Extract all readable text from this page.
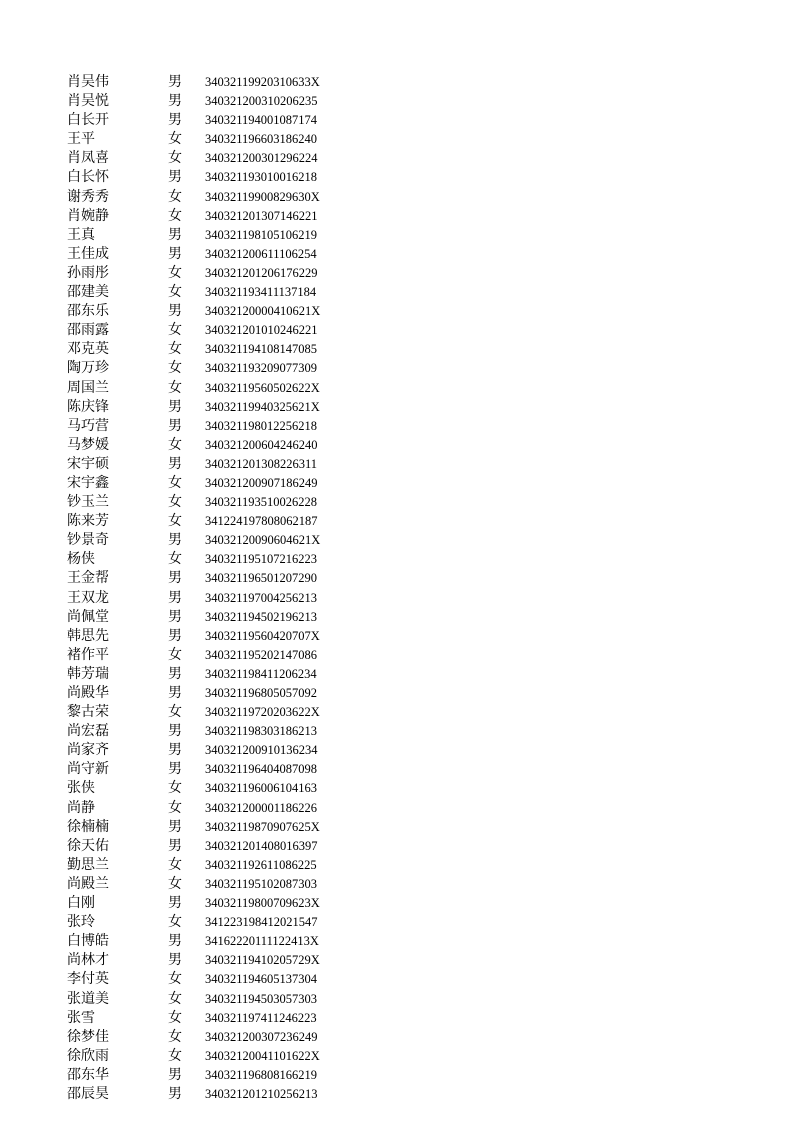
肖吴伟	男 34032119920310633X
肖吴悦	男 340321200310206235
白长开	男 340321194001087174
王平	女 340321196603186240
肖凤喜	女 340321200301296224
白长怀	男 340321193010016218
谢秀秀	女 34032119900829630X
肖婉静	女 340321201307146221
王真	男 340321198105106219
王佳成	男 340321200611106254
孙雨彤	女 340321201206176229
邵建美	女 340321193411137184
邵东乐	男 34032120000410621X
邵雨露	女 340321201010246221
邓克英	女 340321194108147085
陶万珍	女 340321193209077309
周国兰	女 34032119560502622X
陈庆锋	男 34032119940325621X
马巧营	男 340321198012256218
马梦媛	女 340321200604246240
宋宇硕	男 340321201308226311
宋宇鑫	女 340321200907186249
钞玉兰	女 340321193510026228
陈来芳	女 341224197808062187
钞景奇	男 34032120090604621X
杨侠	女 340321195107216223
王金帮	男 340321196501207290
王双龙	男 340321197004256213
尚佩堂	男 340321194502196213
韩思先	男 34032119560420707X
褚作平	女 340321195202147086
韩芳瑞	男 340321198411206234
尚殿华	男 340321196805057092
黎古荣	女 34032119720203622X
尚宏磊	男 340321198303186213
尚家齐	男 340321200910136234
尚守新	男 340321196404087098
张侠	女 340321196006104163
尚静	女 340321200001186226
徐楠楠	男 34032119870907625X
徐天佑	男 340321201408016397
勤思兰	女 340321192611086225
尚殿兰	女 340321195102087303
白刚	男 34032119800709623X
张玲	女 341223198412021547
白博皓	男 34162220111122413X
尚林才	男 34032119410205729X
李付英	女 340321194605137304
张道美	女 340321194503057303
张雪	女 340321197411246223
徐梦佳	女 340321200307236249
徐欣雨	女 34032120041101622X
邵东华	男 340321196808166219
邵辰昊	男 340321201210256213
